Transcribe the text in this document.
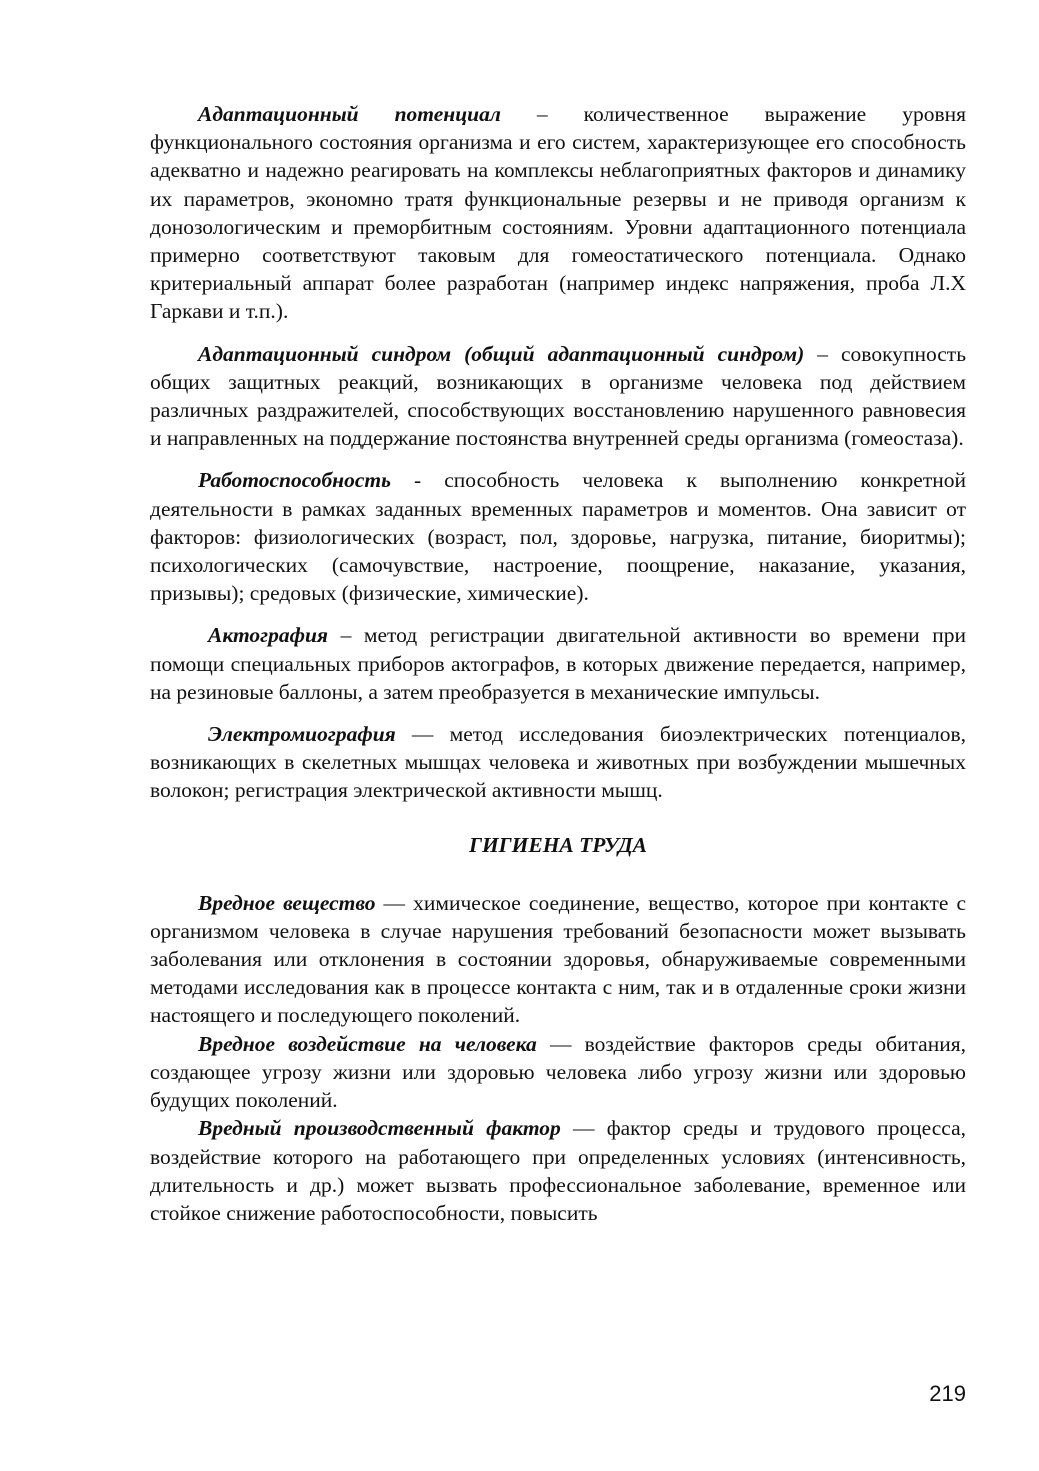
Адаптационный потенциал – количественное выражение уровня функционального состояния организма и его систем, характеризующее его способность адекватно и надежно реагировать на комплексы неблагоприятных факторов и динамику их параметров, экономно тратя функциональные резервы и не приводя организм к донозологическим и преморбитным состояниям. Уровни адаптационного потенциала примерно соответствуют таковым для гомеостатического потенциала. Однако критериальный аппарат более разработан (например индекс напряжения, проба Л.Х Гаркави и т.п.).

Адаптационный синдром (общий адаптационный синдром) – совокупность общих защитных реакций, возникающих в организме человека под действием различных раздражителей, способствующих восстановлению нарушенного равновесия и направленных на поддержание постоянства внутренней среды организма (гомеостаза).

Работоспособность - способность человека к выполнению конкретной деятельности в рамках заданных временных параметров и моментов. Она зависит от факторов: физиологических (возраст, пол, здоровье, нагрузка, питание, биоритмы); психологических (самочувствие, настроение, поощрение, наказание, указания, призывы); средовых (физические, химические).

Актография – метод регистрации двигательной активности во времени при помощи специальных приборов актографов, в которых движение передается, например, на резиновые баллоны, а затем преобразуется в механические импульсы.

Электромиография — метод исследования биоэлектрических потенциалов, возникающих в скелетных мышцах человека и животных при возбуждении мышечных волокон; регистрация электрической активности мышц.

ГИГИЕНА ТРУДА

Вредное вещество — химическое соединение, вещество, которое при контакте с организмом человека в случае нарушения требований безопасности может вызывать заболевания или отклонения в состоянии здоровья, обнаруживаемые современными методами исследования как в процессе контакта с ним, так и в отдаленные сроки жизни настоящего и последующего поколений.

Вредное воздействие на человека — воздействие факторов среды обитания, создающее угрозу жизни или здоровью человека либо угрозу жизни или здоровью будущих поколений.

Вредный производственный фактор — фактор среды и трудового процесса, воздействие которого на работающего при определенных условиях (интенсивность, длительность и др.) может вызвать профессиональное заболевание, временное или стойкое снижение работоспособности, повысить

219
